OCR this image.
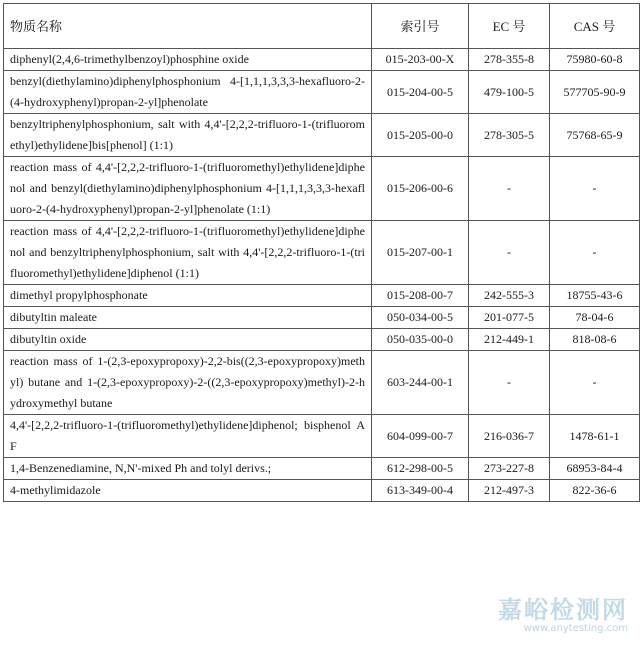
物质名称	索引号	EC 号	CAS 号
diphenyl(2,4,6-trimethylbenzoyl)phosphine oxide	015-203-00-X	278-355-8	75980-60-8
benzyl(diethylamino)diphenylphosphonium 4-[1,1,1,3,3,3-hexafluoro-2-(4-hydroxyphenyl)propan-2-yl]phenolate	015-204-00-5	479-100-5	577705-90-9
benzyltriphenylphosphonium, salt with 4,4'-[2,2,2-trifluoro-1-(trifluoromethyl)ethylidene]bis[phenol] (1:1)	015-205-00-0	278-305-5	75768-65-9
reaction mass of 4,4'-[2,2,2-trifluoro-1-(trifluoromethyl)ethylidene]diphenol and benzyl(diethylamino)diphenylphosphonium 4-[1,1,1,3,3,3-hexafluoro-2-(4-hydroxyphenyl)propan-2-yl]phenolate (1:1)	015-206-00-6	-	-
reaction mass of 4,4'-[2,2,2-trifluoro-1-(trifluoromethyl)ethylidene]diphenol and benzyltriphenylphosphonium, salt with 4,4'-[2,2,2-trifluoro-1-(trifluoromethyl)ethylidene]diphenol (1:1)	015-207-00-1	-	-
dimethyl propylphosphonate	015-208-00-7	242-555-3	18755-43-6
dibutyltin maleate	050-034-00-5	201-077-5	78-04-6
dibutyltin oxide	050-035-00-0	212-449-1	818-08-6
reaction mass of 1-(2,3-epoxypropoxy)-2,2-bis((2,3-epoxypropoxy)methyl) butane and 1-(2,3-epoxypropoxy)-2-((2,3-epoxypropoxy)methyl)-2-hydroxymethyl butane	603-244-00-1	-	-
4,4'-[2,2,2-trifluoro-1-(trifluoromethyl)ethylidene]diphenol; bisphenol AF	604-099-00-7	216-036-7	1478-61-1
1,4-Benzenediamine, N,N'-mixed Ph and tolyl derivs.;	612-298-00-5	273-227-8	68953-84-4
4-methylimidazole	613-349-00-4	212-497-3	822-36-6
嘉峪检测网
www.anytesting.com
